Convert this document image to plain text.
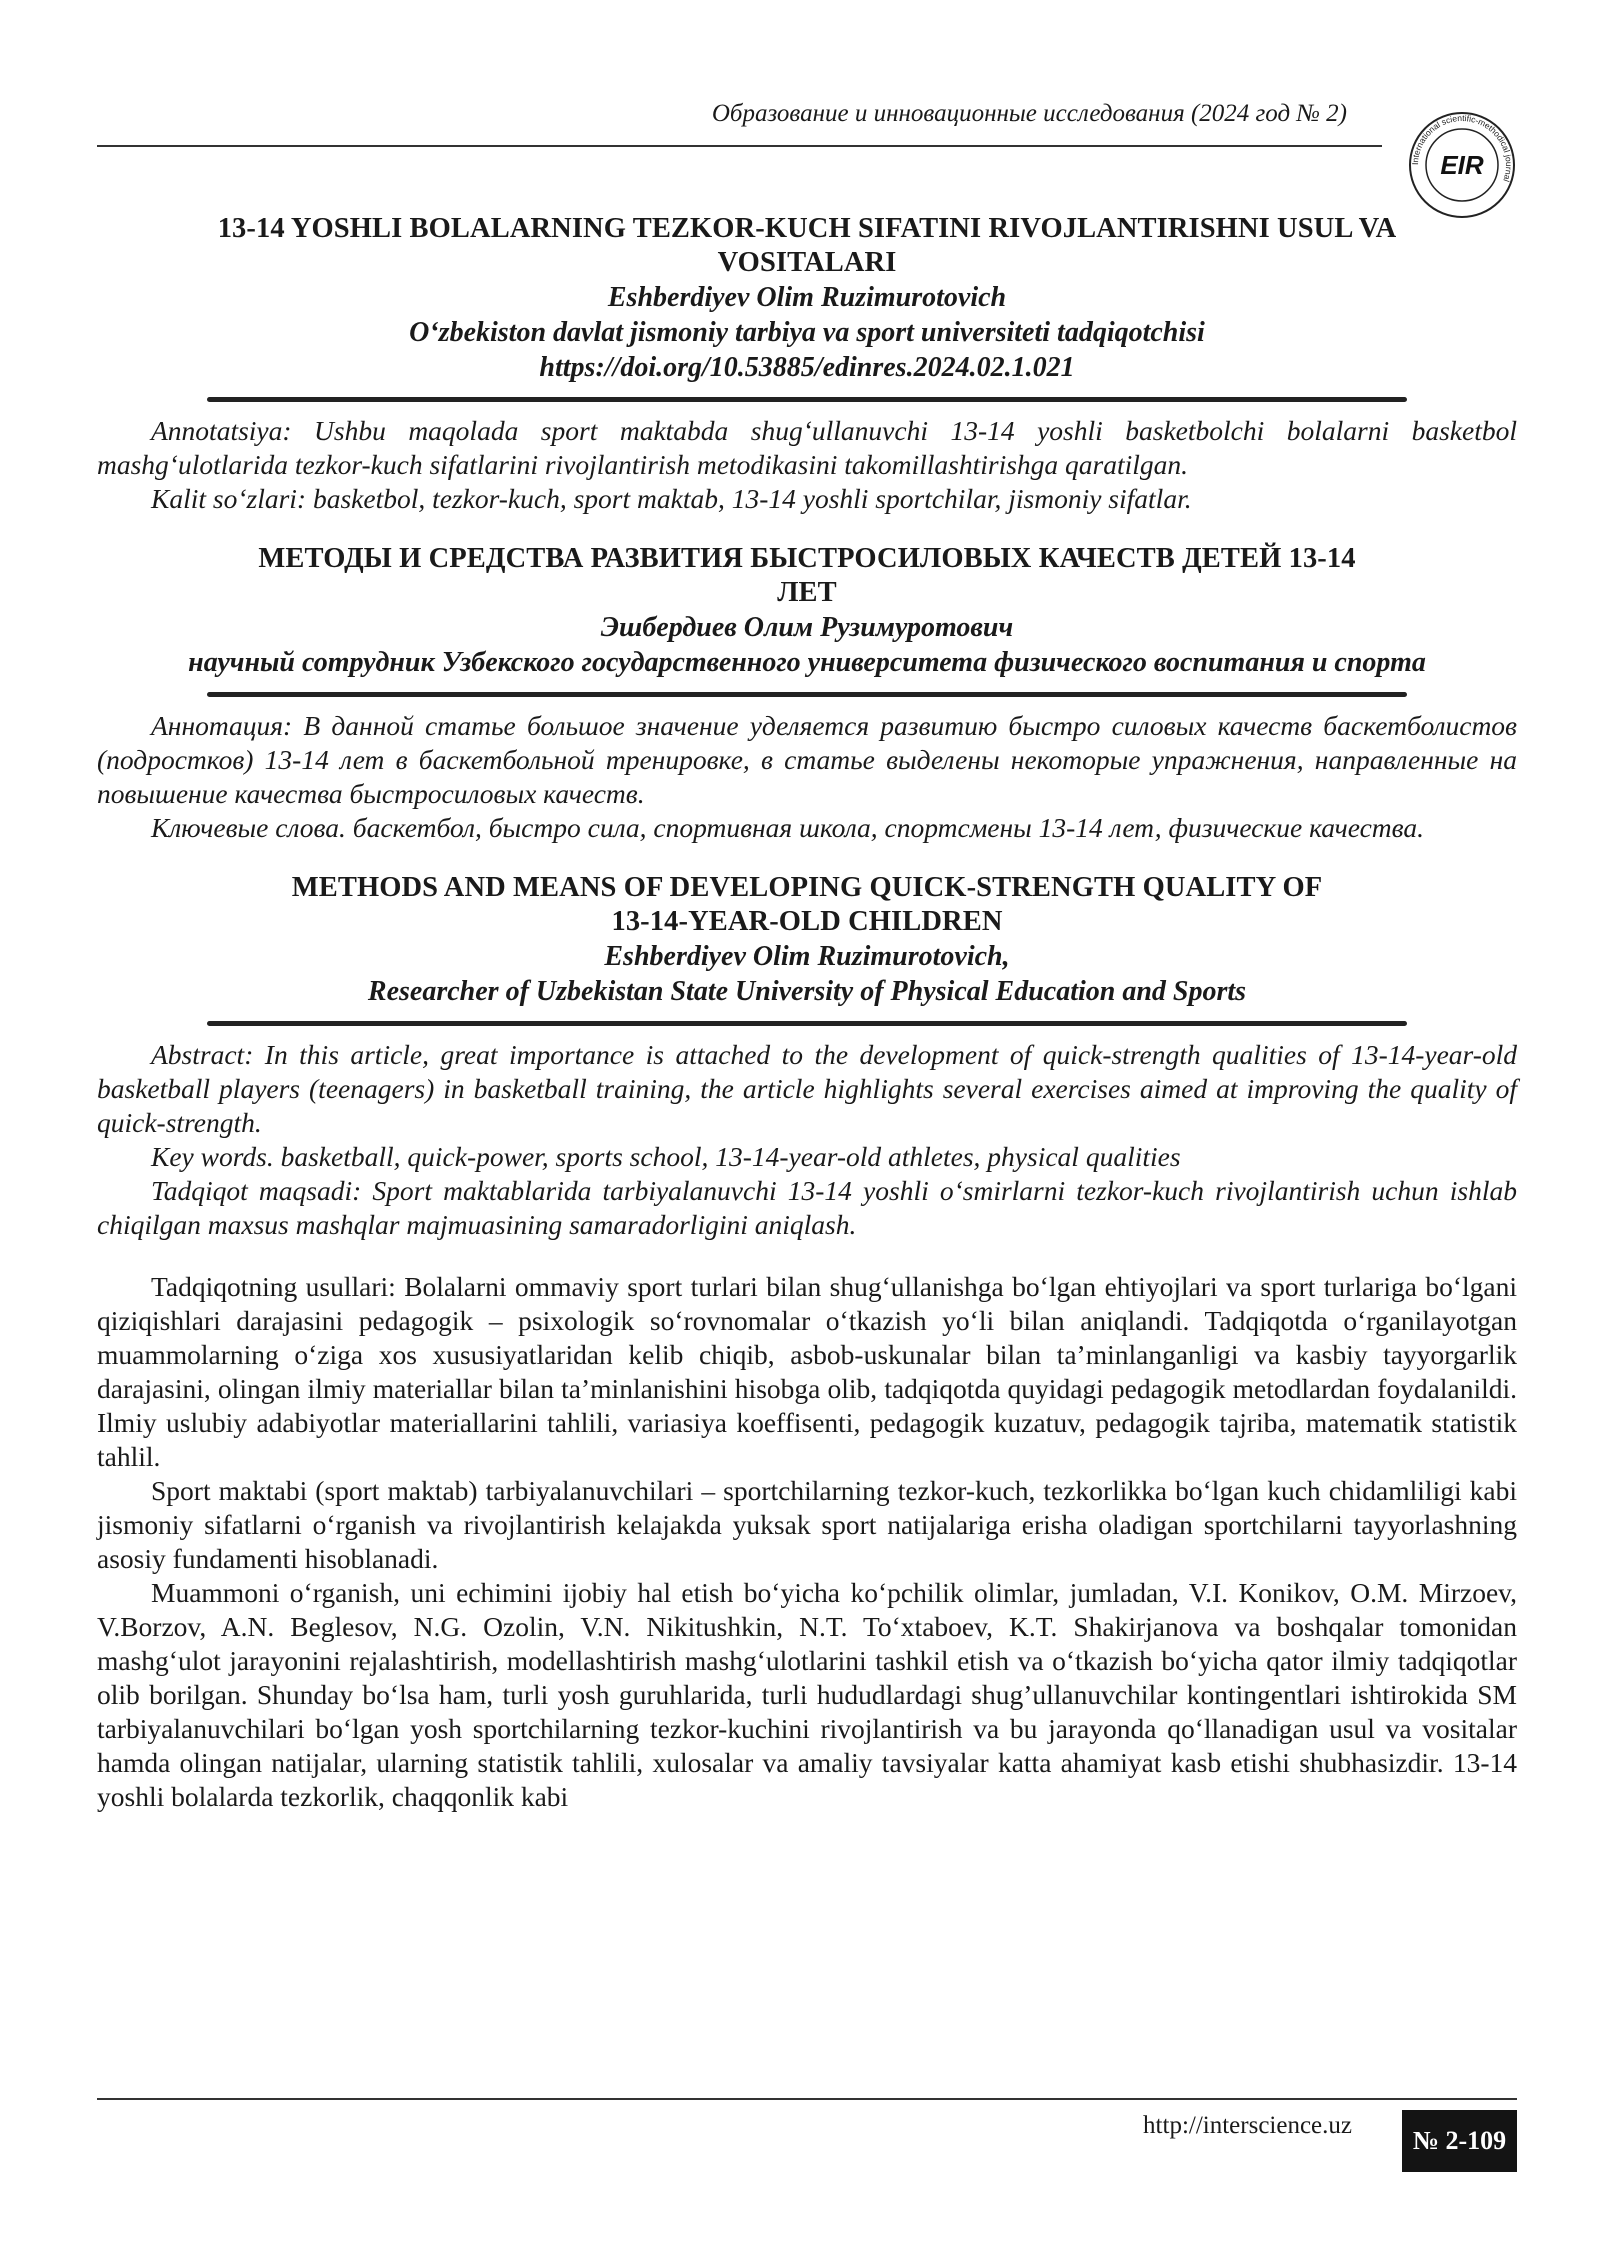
Образование и инновационные исследования (2024 год № 2)
International scientific-methodical journal
EIR
13-14 YOSHLI BOLALARNING TEZKOR-KUCH SIFATINI RIVOJLANTIRISHNI USUL VA VOSITALARI
Eshberdiyev Olim Ruzimurotovich
O‘zbekiston davlat jismoniy tarbiya va sport universiteti tadqiqotchisi
https://doi.org/10.53885/edinres.2024.02.1.021

Annotatsiya: Ushbu maqolada sport maktabda shug‘ullanuvchi 13-14 yoshli basketbolchi bolalarni basketbol mashg‘ulotlarida tezkor-kuch sifatlarini rivojlantirish metodikasini takomillashtirishga qaratilgan.

Kalit so‘zlari: basketbol, tezkor-kuch, sport maktab, 13-14 yoshli sportchilar, jismoniy sifatlar.

МЕТОДЫ И СРЕДСТВА РАЗВИТИЯ БЫСТРОСИЛОВЫХ КАЧЕСТВ ДЕТЕЙ 13-14 ЛЕТ
Эшбердиев Олим Рузимуротович
научный сотрудник Узбекского государственного университета физического воспитания и спорта

Аннотация: В данной статье большое значение уделяется развитию быстро силовых качеств баскетболистов (подростков) 13-14 лет в баскетбольной тренировке, в статье выделены некоторые упражнения, направленные на повышение качества быстросиловых качеств.

Ключевые слова. баскетбол, быстро сила, спортивная школа, спортсмены 13-14 лет, физические качества.

METHODS AND MEANS OF DEVELOPING QUICK-STRENGTH QUALITY OF 13-14-YEAR-OLD CHILDREN
Eshberdiyev Olim Ruzimurotovich,
Researcher of Uzbekistan State University of Physical Education and Sports

Abstract: In this article, great importance is attached to the development of quick-strength qualities of 13-14-year-old basketball players (teenagers) in basketball training, the article highlights several exercises aimed at improving the quality of quick-strength.

Key words. basketball, quick-power, sports school, 13-14-year-old athletes, physical qualities

Tadqiqot maqsadi: Sport maktablarida tarbiyalanuvchi 13-14 yoshli o‘smirlarni tezkor-kuch rivojlantirish uchun ishlab chiqilgan maxsus mashqlar majmuasining samaradorligini aniqlash.

Tadqiqotning usullari: Bolalarni ommaviy sport turlari bilan shug‘ullanishga bo‘lgan ehtiyojlari va sport turlariga bo‘lgani qiziqishlari darajasini pedagogik – psixologik so‘rovnomalar o‘tkazish yo‘li bilan aniqlandi. Tadqiqotda o‘rganilayotgan muammolarning o‘ziga xos xususiyatlaridan kelib chiqib, asbob-uskunalar bilan ta’minlanganligi va kasbiy tayyorgarlik darajasini, olingan ilmiy materiallar bilan ta’minlanishini hisobga olib, tadqiqotda quyidagi pedagogik metodlardan foydalanildi. Ilmiy uslubiy adabiyotlar materiallarini tahlili, variasiya koeffisenti, pedagogik kuzatuv, pedagogik tajriba, matematik statistik tahlil.

Sport maktabi (sport maktab) tarbiyalanuvchilari – sportchilarning tezkor-kuch, tezkorlikka bo‘lgan kuch chidamliligi kabi jismoniy sifatlarni o‘rganish va rivojlantirish kelajakda yuksak sport natijalariga erisha oladigan sportchilarni tayyorlashning asosiy fundamenti hisoblanadi.

Muammoni o‘rganish, uni echimini ijobiy hal etish bo‘yicha ko‘pchilik olimlar, jumladan, V.I. Konikov, O.M. Mirzoev, V.Borzov, A.N. Beglesov, N.G. Ozolin, V.N. Nikitushkin, N.T. To‘xtaboev, K.T. Shakirjanova va boshqalar tomonidan mashg‘ulot jarayonini rejalashtirish, modellashtirish mashg‘ulotlarini tashkil etish va o‘tkazish bo‘yicha qator ilmiy tadqiqotlar olib borilgan. Shunday bo‘lsa ham, turli yosh guruhlarida, turli hududlardagi shug’ullanuvchilar kontingentlari ishtirokida SM tarbiyalanuvchilari bo‘lgan yosh sportchilarning tezkor-kuchini rivojlantirish va bu jarayonda qo‘llanadigan usul va vositalar hamda olingan natijalar, ularning statistik tahlili, xulosalar va amaliy tavsiyalar katta ahamiyat kasb etishi shubhasizdir. 13-14 yoshli bolalarda tezkorlik, chaqqonlik kabi

http://interscience.uz
№ 2-109
